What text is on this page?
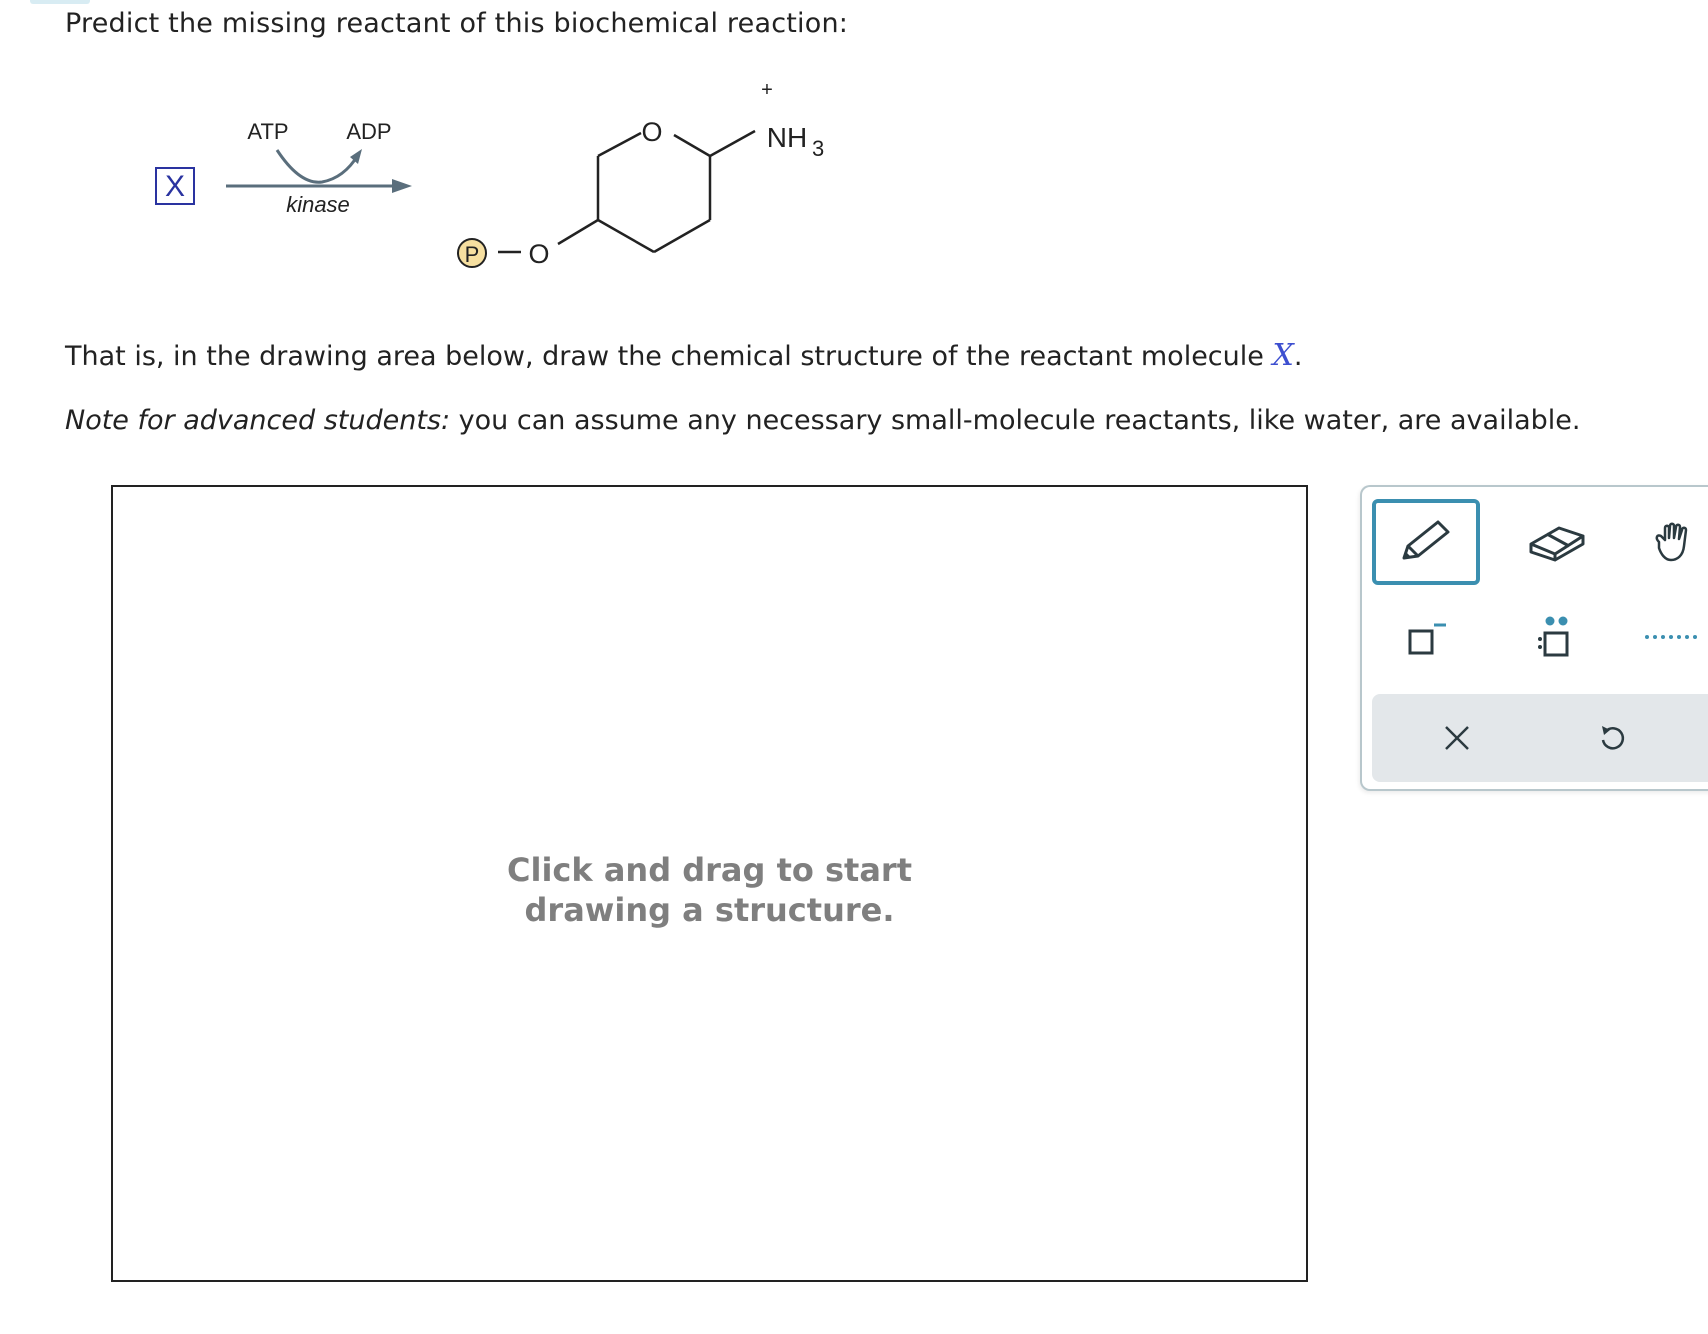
Predict the missing reactant of this biochemical reaction:
X
ATP	ADP
kinase
O	NH 3
+
P O
That is, in the drawing area below, draw the chemical structure of the reactant molecule X.
Note for advanced students: you can assume any necessary small-molecule reactants, like water, are available.
Click and drag to start drawing a structure.
